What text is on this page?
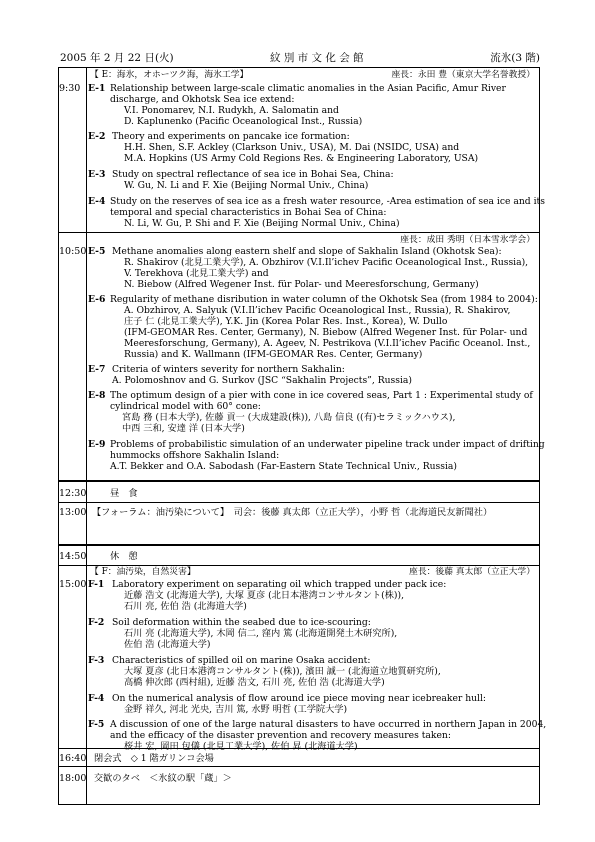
2005 年 2 月 22 日(火)	紋 別 市 文 化 会 館	流氷(3 階)
【 E：海氷，オホーツク海，海氷工学】	座長：永田 豊（東京大学名誉教授）
9:30 E-1 Relationship between large-scale climatic anomalies in the Asian Pacific, Amur River
discharge, and Okhotsk Sea ice extend:
V.I. Ponomarev, N.I. Rudykh, A. Salomatin and
D. Kaplunenko (Pacific Oceanological Inst., Russia)
E-2 Theory and experiments on pancake ice formation:
H.H. Shen, S.F. Ackley (Clarkson Univ., USA), M. Dai (NSIDC, USA) and
M.A. Hopkins (US Army Cold Regions Res. & Engineering Laboratory, USA)
E-3 Study on spectral reflectance of sea ice in Bohai Sea, China:
W. Gu, N. Li and F. Xie (Beijing Normal Univ., China)
E-4 Study on the reserves of sea ice as a fresh water resource, -Area estimation of sea ice and its
temporal and special characteristics in Bohai Sea of China:
N. Li, W. Gu, P. Shi and F. Xie (Beijing Normal Univ., China)
座長：成田 秀明（日本雪氷学会）
10:50 E-5 Methane anomalies along eastern shelf and slope of Sakhalin Island (Okhotsk Sea):
R. Shakirov (北見工業大学), A. Obzhirov (V.I.Il’ichev Pacific Oceanological Inst., Russia),
V. Terekhova (北見工業大学) and
N. Biebow (Alfred Wegener Inst. für Polar- und Meeresforschung, Germany)
E-6 Regularity of methane disribution in water column of the Okhotsk Sea (from 1984 to 2004):
A. Obzhirov, A. Salyuk (V.I.Il’ichev Pacific Oceanological Inst., Russia), R. Shakirov,
庄子 仁 (北見工業大学), Y.K. Jin (Korea Polar Res. Inst., Korea), W. Dullo
(IFM-GEOMAR Res. Center, Germany), N. Biebow (Alfred Wegener Inst. für Polar- und
Meeresforschung, Germany), A. Ageev, N. Pestrikova (V.I.Il’ichev Pacific Oceanol. Inst.,
Russia) and K. Wallmann (IFM-GEOMAR Res. Center, Germany)
E-7 Criteria of winters severity for northern Sakhalin:
A. Polomoshnov and G. Surkov (JSC “Sakhalin Projects”, Russia)
E-8 The optimum design of a pier with cone in ice covered seas, Part 1 : Experimental study of
cylindrical model with 60° cone:
宮島 務 (日本大学), 佐藤 貢一 (大成建設(株)), 八島 信良 ((有)セラミックハウス),
中西 三和, 安達 洋 (日本大学)
E-9 Problems of probabilistic simulation of an underwater pipeline track under impact of drifting
hummocks offshore Sakhalin Island:
A.T. Bekker and O.A. Sabodash (Far-Eastern State Technical Univ., Russia)
12:30	昼　食
13:00 【フォーラム：油汚染について】　司会：後藤 真太郎（立正大学），小野 哲（北海道民友新聞社）
14:50	休　憩
【 F：油汚染，自然災害】	座長：後藤 真太郎（立正大学）
15:00 F-1 Laboratory experiment on separating oil which trapped under pack ice:
近藤 浩文 (北海道大学), 大塚 夏彦 (北日本港湾コンサルタント(株)),
石川 亮, 佐伯 浩 (北海道大学)
F-2 Soil deformation within the seabed due to ice-scouring:
石川 亮 (北海道大学), 木岡 信二, 窪内 篤 (北海道開発土木研究所),
佐伯 浩 (北海道大学)
F-3 Characteristics of spilled oil on marine Osaka accident:
大塚 夏彦 (北日本港湾コンサルタント(株)), 濱田 誠一 (北海道立地質研究所),
高橋 伸次郎 (西村組), 近藤 浩文, 石川 亮, 佐伯 浩 (北海道大学)
F-4 On the numerical analysis of flow around ice piece moving near icebreaker hull:
金野 祥久, 河北 光央, 吉川 篤, 水野 明哲 (工学院大学)
F-5 A discussion of one of the large natural disasters to have occurred in northern Japan in 2004,
and the efficacy of the disaster prevention and recovery measures taken:
桜井 宏, 岡田 包儀 (北見工業大学), 佐伯 昇 (北海道大学)
16:40 閉会式　◇ 1 階ガリンコ会場
18:00 交歓のタベ　＜氷紋の駅「蔵」＞
